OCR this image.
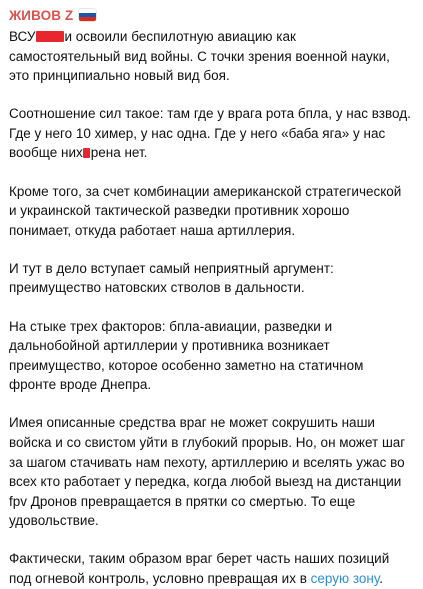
ЖИВОВ Z
ВСУ и освоили беспилотную авиацию как
самостоятельный вид войны. С точки зрения военной науки,
это принципиально новый вид боя.
Соотношение сил такое: там где у врага рота бпла, у нас взвод.
Где у него 10 химер, у нас одна. Где у него «баба яга» у нас
вообще них рена нет.
Кроме того, за счет комбинации американской стратегической
и украинской тактической разведки противник хорошо
понимает, откуда работает наша артиллерия.
И тут в дело вступает самый неприятный аргумент:
преимущество натовских стволов в дальности.
На стыке трех факторов: бпла-авиации, разведки и
дальнобойной артиллерии у противника возникает
преимущество, которое особенно заметно на статичном
фронте вроде Днепра.
Имея описанные средства враг не может сокрушить наши
войска и со свистом уйти в глубокий прорыв. Но, он может шаг
за шагом стачивать нам пехоту, артиллерию и вселять ужас во
всех кто работает у передка, когда любой выезд на дистанции
fpv Дронов превращается в прятки со смертью. То еще
удовольствие.
Фактически, таким образом враг берет часть наших позиций
под огневой контроль, условно превращая их в серую зону.
